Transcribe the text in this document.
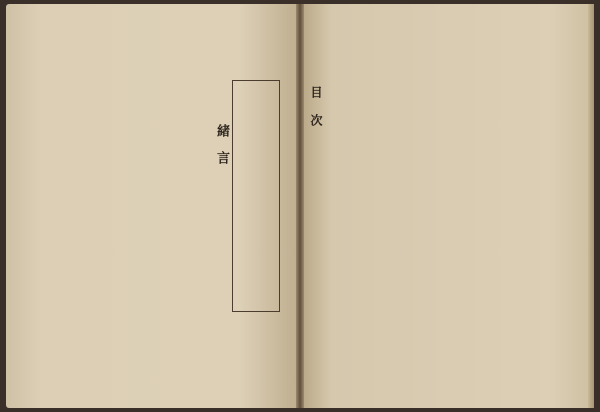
緒言
目次
